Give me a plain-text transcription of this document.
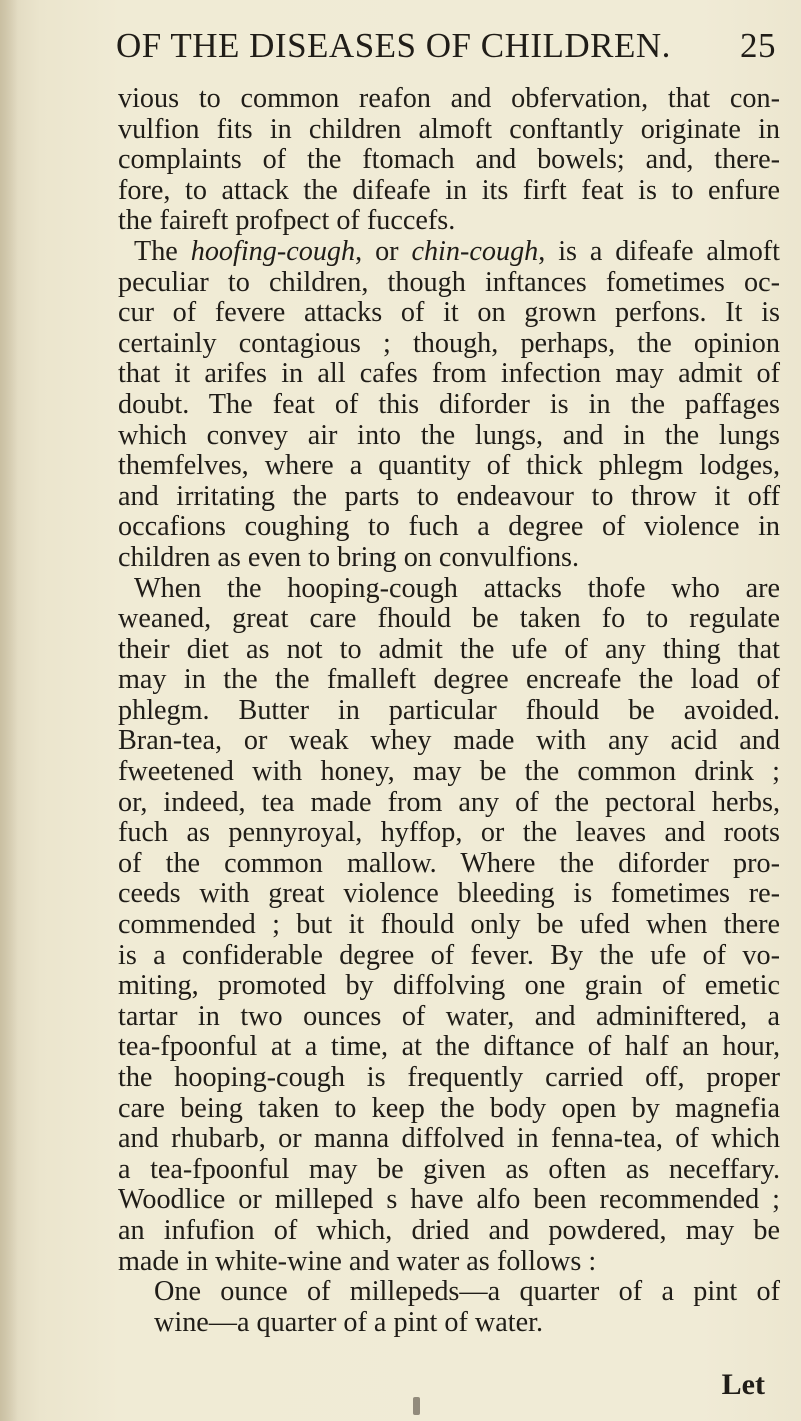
OF THE DISEASES OF CHILDREN. 25
vious to common reafon and obfervation, that con-
vulfion fits in children almoft conftantly originate in
complaints of the ftomach and bowels; and, there-
fore, to attack the difeafe in its firft feat is to enfure
the faireft profpect of fuccefs.
The hoofing-cough, or chin-cough, is a difeafe almoft
peculiar to children, though inftances fometimes oc-
cur of fevere attacks of it on grown perfons. It is
certainly contagious ; though, perhaps, the opinion
that it arifes in all cafes from infection may admit of
doubt. The feat of this diforder is in the paffages
which convey air into the lungs, and in the lungs
themfelves, where a quantity of thick phlegm lodges,
and irritating the parts to endeavour to throw it off
occafions coughing to fuch a degree of violence in
children as even to bring on convulfions.
When the hooping-cough attacks thofe who are
weaned, great care fhould be taken fo to regulate
their diet as not to admit the ufe of any thing that
may in the the fmalleft degree encreafe the load of
phlegm. Butter in particular fhould be avoided.
Bran-tea, or weak whey made with any acid and
fweetened with honey, may be the common drink ;
or, indeed, tea made from any of the pectoral herbs,
fuch as pennyroyal, hyffop, or the leaves and roots
of the common mallow. Where the diforder pro-
ceeds with great violence bleeding is fometimes re-
commended ; but it fhould only be ufed when there
is a confiderable degree of fever. By the ufe of vo-
miting, promoted by diffolving one grain of emetic
tartar in two ounces of water, and adminiftered, a
tea-fpoonful at a time, at the diftance of half an hour,
the hooping-cough is frequently carried off, proper
care being taken to keep the body open by magnefia
and rhubarb, or manna diffolved in fenna-tea, of which
a tea-fpoonful may be given as often as neceffary.
Woodlice or milleped s have alfo been recommended ;
an infufion of which, dried and powdered, may be
made in white-wine and water as follows :
One ounce of millepeds—a quarter of a pint of
wine—a quarter of a pint of water.
Let
